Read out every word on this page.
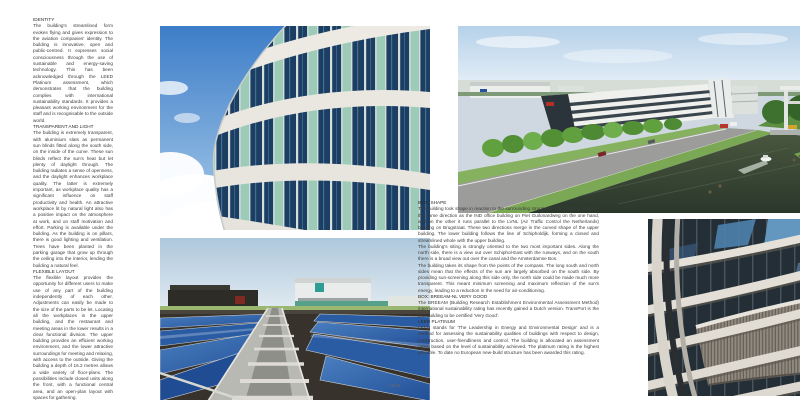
IDENTITY

The building's streamlined form evokes flying and gives expression to the aviation companies' identity. The building is innovative, open and public-centred. It expresses social consciousness through the use of sustainable and energy-saving technology. This has been acknowledged through the LEED Platinum assessment, which demonstrates that the building complies with international sustainability standards. It provides a pleasant working environment for the staff and is recognisable to the outside world.

TRANSPARENT AND LIGHT

The building is extremely transparent, with aluminium slats as permanent sun blinds fitted along the south side, on the inside of the curve. These sun blinds reflect the sun's heat but let plenty of daylight through. The building radiates a sense of openness, and the daylight enhances workplace quality. The latter is extremely important, as workplace quality has a significant influence on staff productivity and health. An attractive workplace lit by natural light also has a positive impact on the atmosphere at work, and on staff motivation and effort. Parking is available under the building. As the building is on pillars, there is good lighting and ventilation. Trees have been planted in the parking garage that grow up through the ceiling into the interior, lending the building a natural feel.

FLEXIBLE LAYOUT

The flexible layout provides the opportunity for different users to make use of any part of the building independently of each other. Adjustments can easily be made to the size of the parts to be let. Locating all the workplaces in the upper building, and the restaurant and meeting areas in the lower results in a clear functional division. The upper building provides an efficient working environment, and the lower attractive surroundings for meeting and relaxing, with access to the outside. Giving the building a depth of 16.2 metres allows a wide variety of floor-plans. The possibilities include closed units along the front, with a functional central area, and an open-plan layout with spaces for gathering.

BOX: SHAPE

The building took shape in reaction to the surrounding structures. The building points in the same direction as the IND office building on Piet Guilonardweg on the one hand, and on the other it runs parallel to the LVNL (Air Traffic Control the Netherlands) building on Brugstraat. These two directions merge in the curved shape of the upper building. The lower building follows the line of Schipholdijk, forming a closed and streamlined whole with the upper building.

The building's siting is strongly oriented to the two most important sides. Along the north side, there is a view out over Schiphol-East with the runways, and on the south there is a broad view out over the canal and the Amsterdamse Bos.

The building takes its shape from the points of the compass. The long south and north sides mean that the effects of the sun are largely absorbed on the south side. By providing sun-screening along this side only, the north side could be made much more transparent. This meant minimum screening and maximum reflection of the sun's energy, leading to a reduction in the need for air-conditioning.

BOX: BREEAM-NL VERY GOOD

The BREEAM (Building Research Establishment Environmental Assessment Method) international sustainability rating has recently gained a Dutch version. TransPort is the first building to be certified 'Very Good'.

LEED PLATINUM

LEED stands for 'The Leadership in Energy and Environmental Design' and is a method for assessing the sustainability qualities of buildings with respect to design, construction, user-friendliness and control. The building is allocated an assessment rating based on the level of sustainability achieved. The platinum rating is the highest possible. To date no European new-build structure has been awarded this rating.

14/15
